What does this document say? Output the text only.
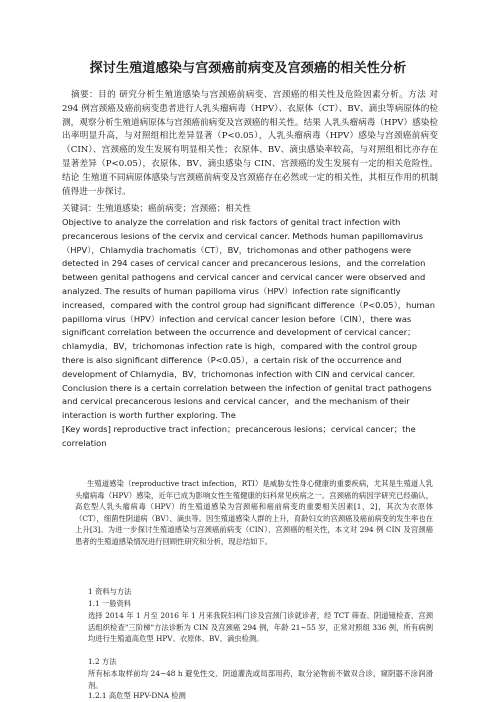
探讨生殖道感染与宫颈癌前病变及宫颈癌的相关性分析
摘要：目的 研究分析生殖道感染与宫颈癌前病变、宫颈癌的相关性及危险因素分析。方法 对 294 例宫颈癌及癌前病变患者进行人乳头瘤病毒（HPV）、衣原体（CT）、BV、滴虫等病原体的检测，观察分析生殖道病原体与宫颈癌前病变及宫颈癌的相关性。结果 人乳头瘤病毒（HPV）感染检出率明显升高，与对照组相比差异显著（P<0.05），人乳头瘤病毒（HPV）感染与宫颈癌前病变（CIN）、宫颈癌的发生发展有明显相关性；衣原体、BV、滴虫感染率较高，与对照组相比亦存在显著差异（P<0.05），衣原体、BV、滴虫感染与 CIN、宫颈癌的发生发展有一定的相关危险性。结论 生殖道不同病原体感染与宫颈癌前病变及宫颈癌存在必然或一定的相关性，其相互作用的机制值得进一步探讨。
关键词：生殖道感染；癌前病变；宫颈癌；相关性
Objective to analyze the correlation and risk factors of genital tract infection with precancerous lesions of the cervix and cervical cancer. Methods human papillomavirus （HPV），Chlamydia trachomatis（CT），BV，trichomonas and other pathogens were detected in 294 cases of cervical cancer and precancerous lesions，and the correlation between genital pathogens and cervical cancer and cervical cancer were observed and analyzed. The results of human papilloma virus（HPV）infection rate significantly increased，compared with the control group had significant difference（P<0.05），human papilloma virus（HPV）infection and cervical cancer lesion before（CIN），there was significant correlation between the occurrence and development of cervical cancer；chlamydia，BV，trichomonas infection rate is high，compared with the control group there is also significant difference（P<0.05），a certain risk of the occurrence and development of Chlamydia，BV，trichomonas infection with CIN and cervical cancer. Conclusion there is a certain correlation between the infection of genital tract pathogens and cervical precancerous lesions and cervical cancer，and the mechanism of their interaction is worth further exploring. The
[Key words] reproductive tract infection；precancerous lesions；cervical cancer；the correlation

生殖道感染（reproductive tract infection，RTI）是威胁女性身心健康的重要疾病，尤其是生殖道人乳头瘤病毒（HPV）感染，近年已成为影响女性生殖健康的妇科常见疾病之一。宫颈癌的病因学研究已经确认，高危型人乳头瘤病毒（HPV）的生殖道感染为宫颈癌和癌前病变的重要相关因素[1，2]，其次为衣原体（CT），细菌性阴道病（BV）、滴虫等。因生殖道感染人群的上升，育龄妇女的宫颈癌及癌前病变的发生率也在上升[3]。为进一步探讨生殖道感染与宫颈癌前病变（CIN）、宫颈癌的相关性，本文对 294 例 CIN 及宫颈癌患者的生殖道感染情况进行回顾性研究和分析，现总结如下。

1 资料与方法
1.1 一般资料
选择 2014 年 1 月至 2016 年 1 月来我院妇科门诊及宫颈门诊就诊者，经 TCT 筛查、阴道镜检查、宫颈活组织检查"三阶梯"方法诊断为 CIN 及宫颈癌 294 例，年龄 21~55 岁，正常对照组 336 例，所有病例均进行生殖道高危型 HPV、衣原体、BV、滴虫检测。
1.2 方法
所有标本取样前均 24~48 h 避免性交、阴道灌洗或局部用药，取分泌物前不做双合诊，窥阴器不涂润滑剂。
1.2.1 高危型 HPV-DNA 检测
